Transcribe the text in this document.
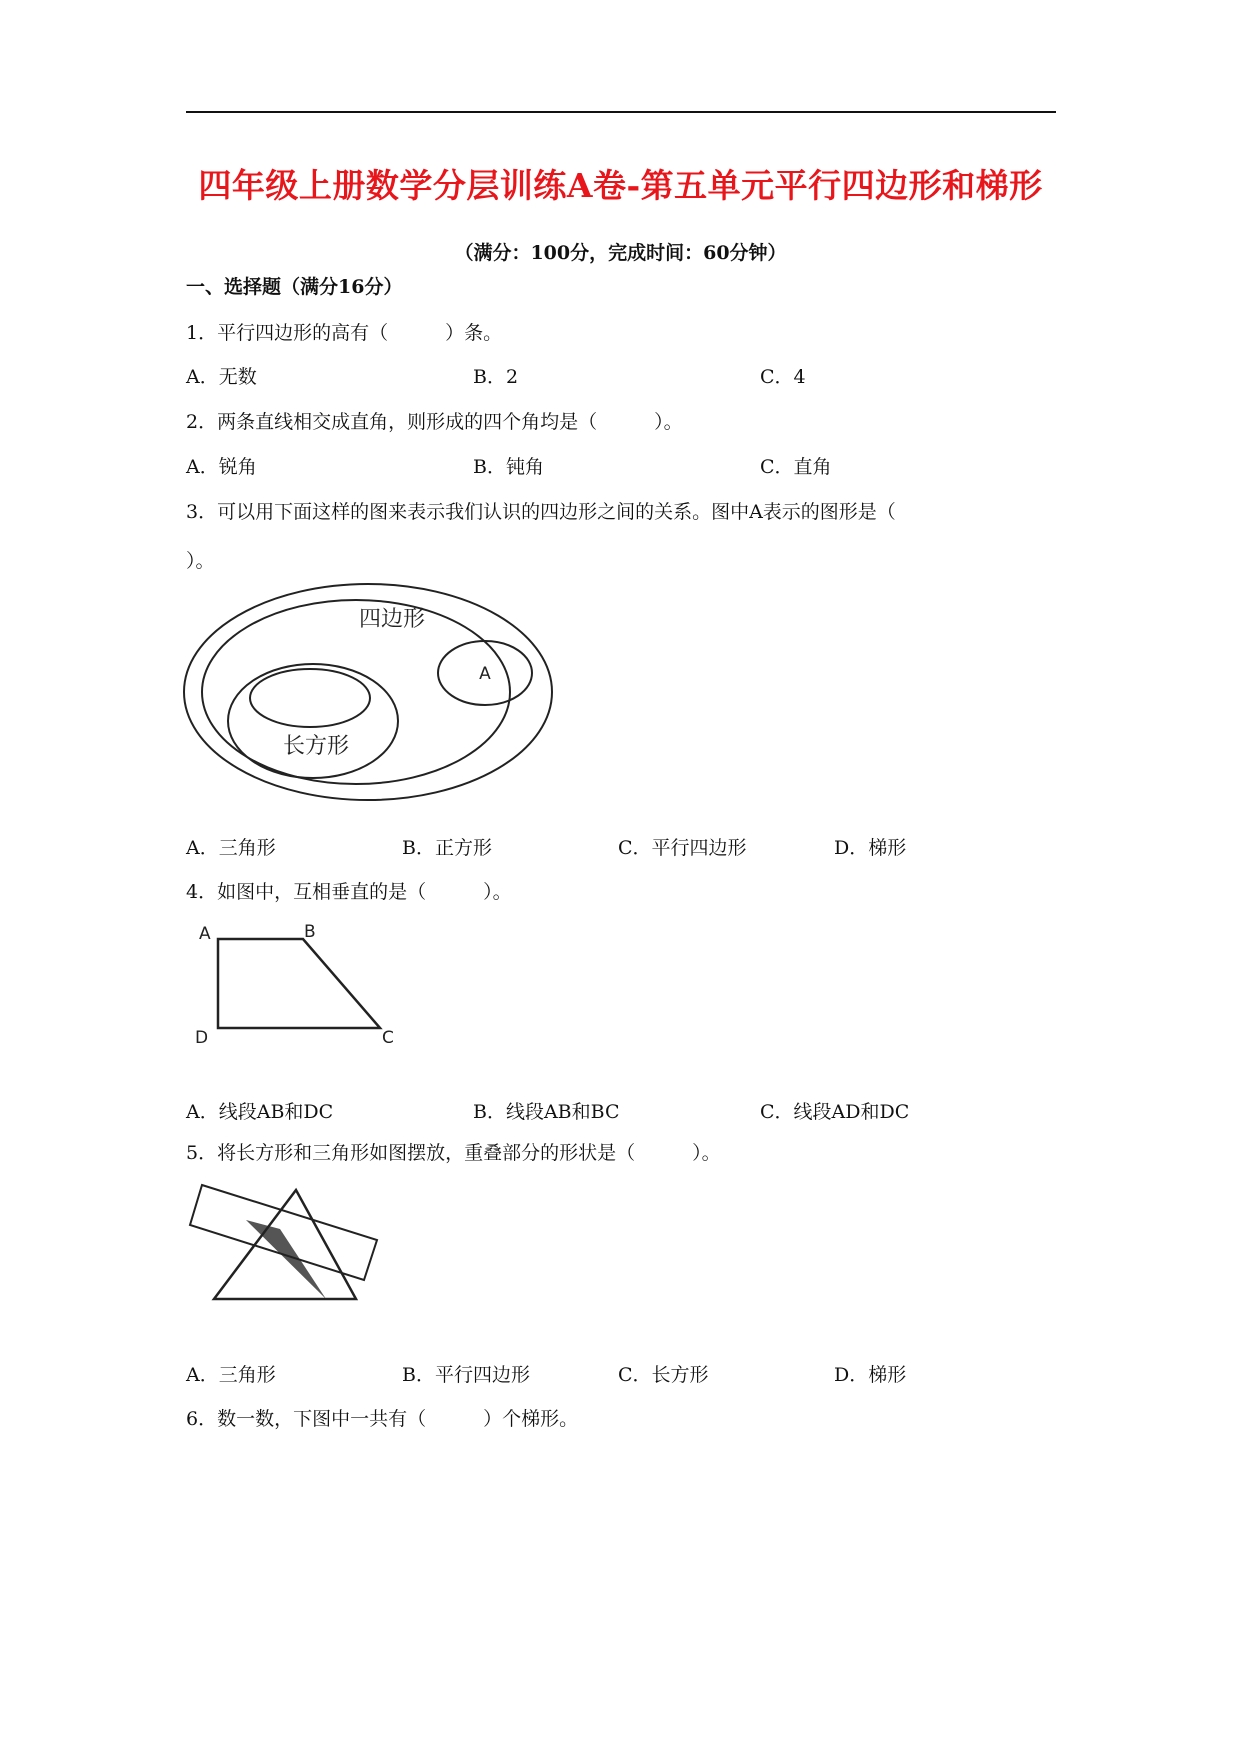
四年级上册数学分层训练A卷-第五单元平行四边形和梯形
（满分：100分，完成时间：60分钟）
一、选择题（满分16分）
1．平行四边形的高有（　　　）条。
A．无数	B．2	C．4
2．两条直线相交成直角，则形成的四个角均是（　　　）。
A．锐角	B．钝角	C．直角
3．可以用下面这样的图来表示我们认识的四边形之间的关系。图中A表示的图形是（
）。
四边形
A
长方形
A．三角形	B．正方形	C．平行四边形	D．梯形
4．如图中，互相垂直的是（　　　）。
A	B
C
D
A．线段AB和DC	B．线段AB和BC	C．线段AD和DC
5．将长方形和三角形如图摆放，重叠部分的形状是（　　　）。
A．三角形	B．平行四边形	C．长方形	D．梯形
6．数一数，下图中一共有（　　　）个梯形。
